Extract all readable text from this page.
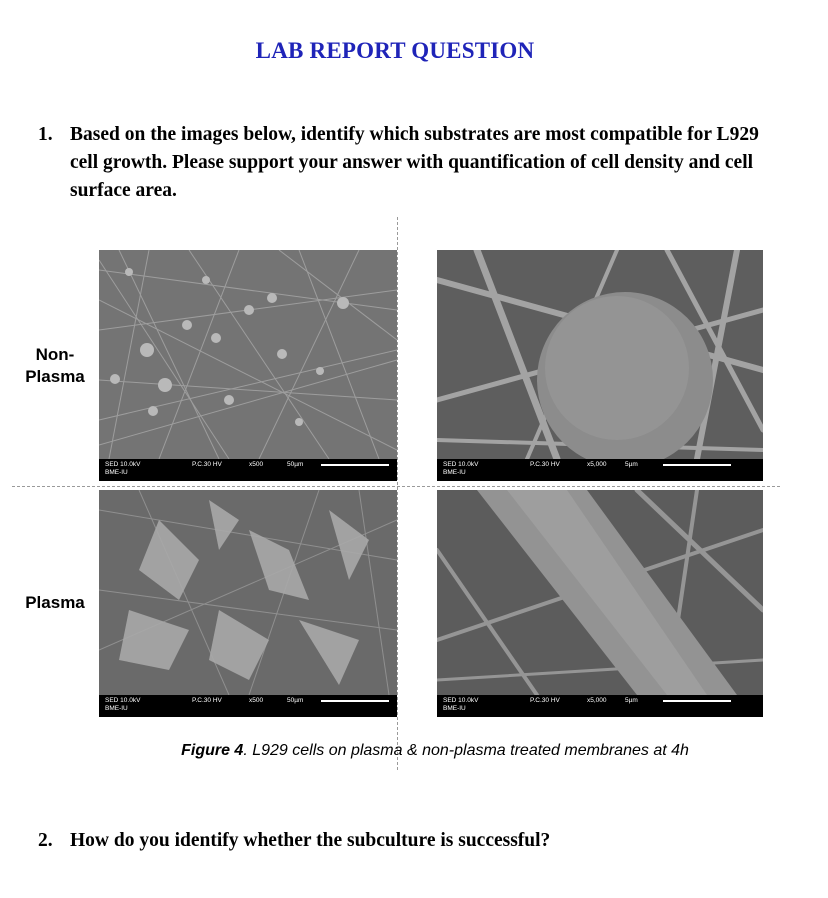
LAB REPORT QUESTION
1. Based on the images below, identify which substrates are most compatible for L929 cell growth. Please support your answer with quantification of cell density and cell surface area.
Non-
Plasma
Plasma
SED 10.0kV
BME-IU
P.C.30 HV	x500	50µm	SED 10.0kV
BME-IU
P.C.30 HV	x5,000	5µm
SED 10.0kV
BME-IU
P.C.30 HV	x500	50µm	SED 10.0kV
BME-IU
P.C.30 HV	x5,000	5µm
Figure 4. L929 cells on plasma & non-plasma treated membranes at 4h
2. How do you identify whether the subculture is successful?
